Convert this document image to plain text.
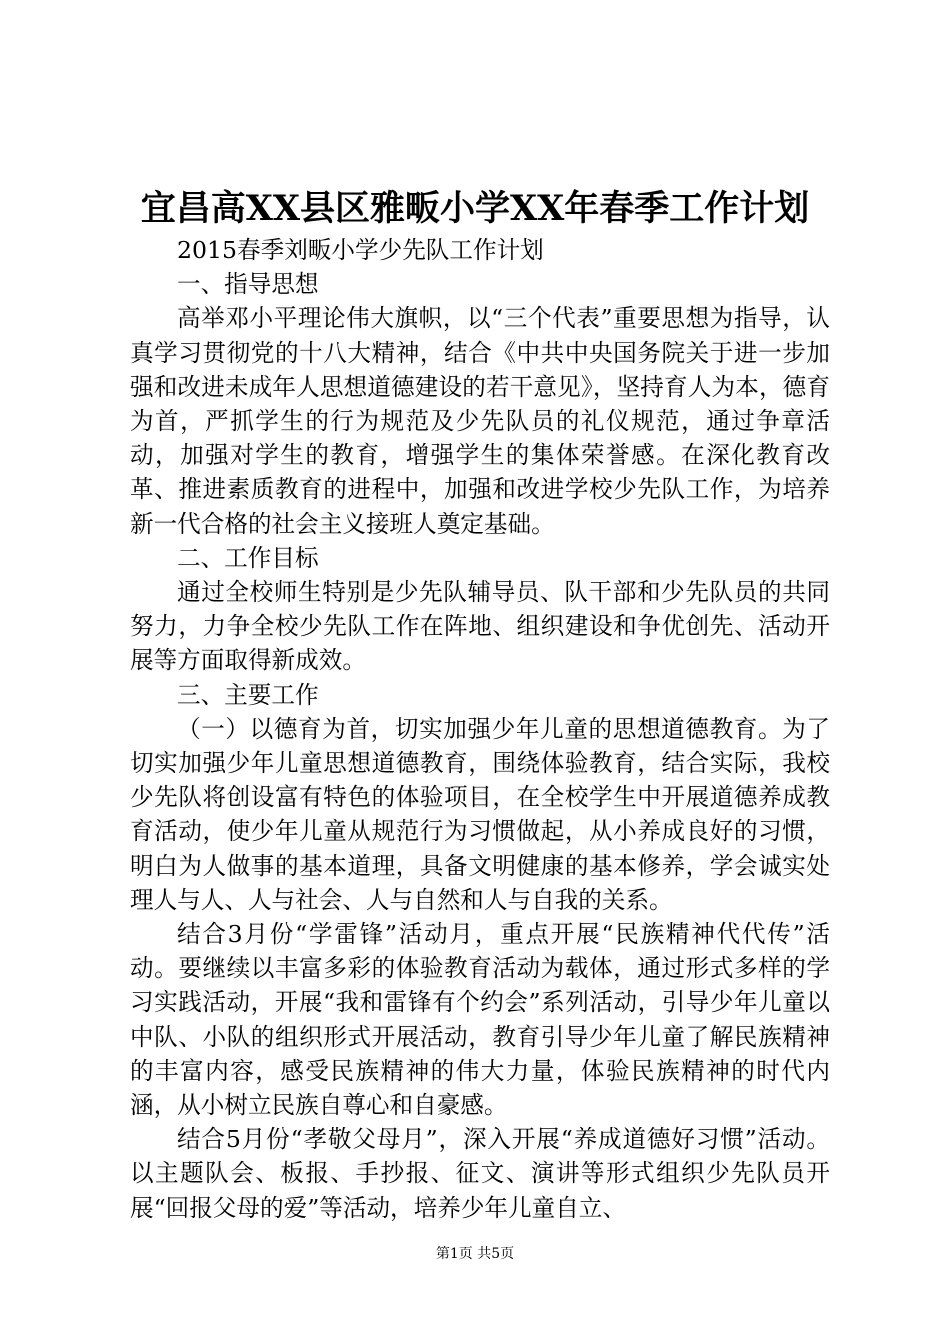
宜昌高XX县区雅畈小学XX年春季工作计划

2015春季刘畈小学少先队工作计划

一、指导思想

高举邓小平理论伟大旗帜，以“三个代表”重要思想为指导，认真学习贯彻党的十八大精神，结合《中共中央国务院关于进一步加强和改进未成年人思想道德建设的若干意见》，坚持育人为本，德育为首，严抓学生的行为规范及少先队员的礼仪规范，通过争章活动，加强对学生的教育，增强学生的集体荣誉感。在深化教育改革、推进素质教育的进程中，加强和改进学校少先队工作，为培养新一代合格的社会主义接班人奠定基础。

二、工作目标

通过全校师生特别是少先队辅导员、队干部和少先队员的共同努力，力争全校少先队工作在阵地、组织建设和争优创先、活动开展等方面取得新成效。

三、主要工作

（一）以德育为首，切实加强少年儿童的思想道德教育。为了切实加强少年儿童思想道德教育，围绕体验教育，结合实际，我校少先队将创设富有特色的体验项目，在全校学生中开展道德养成教育活动，使少年儿童从规范行为习惯做起，从小养成良好的习惯，明白为人做事的基本道理，具备文明健康的基本修养，学会诚实处理人与人、人与社会、人与自然和人与自我的关系。

结合3月份“学雷锋”活动月，重点开展“民族精神代代传”活动。要继续以丰富多彩的体验教育活动为载体，通过形式多样的学习实践活动，开展“我和雷锋有个约会”系列活动，引导少年儿童以中队、小队的组织形式开展活动，教育引导少年儿童了解民族精神的丰富内容，感受民族精神的伟大力量，体验民族精神的时代内涵，从小树立民族自尊心和自豪感。

结合5月份“孝敬父母月”，深入开展“养成道德好习惯”活动。以主题队会、板报、手抄报、征文、演讲等形式组织少先队员开展“回报父母的爱”等活动，培养少年儿童自立、

第1页 共5页
